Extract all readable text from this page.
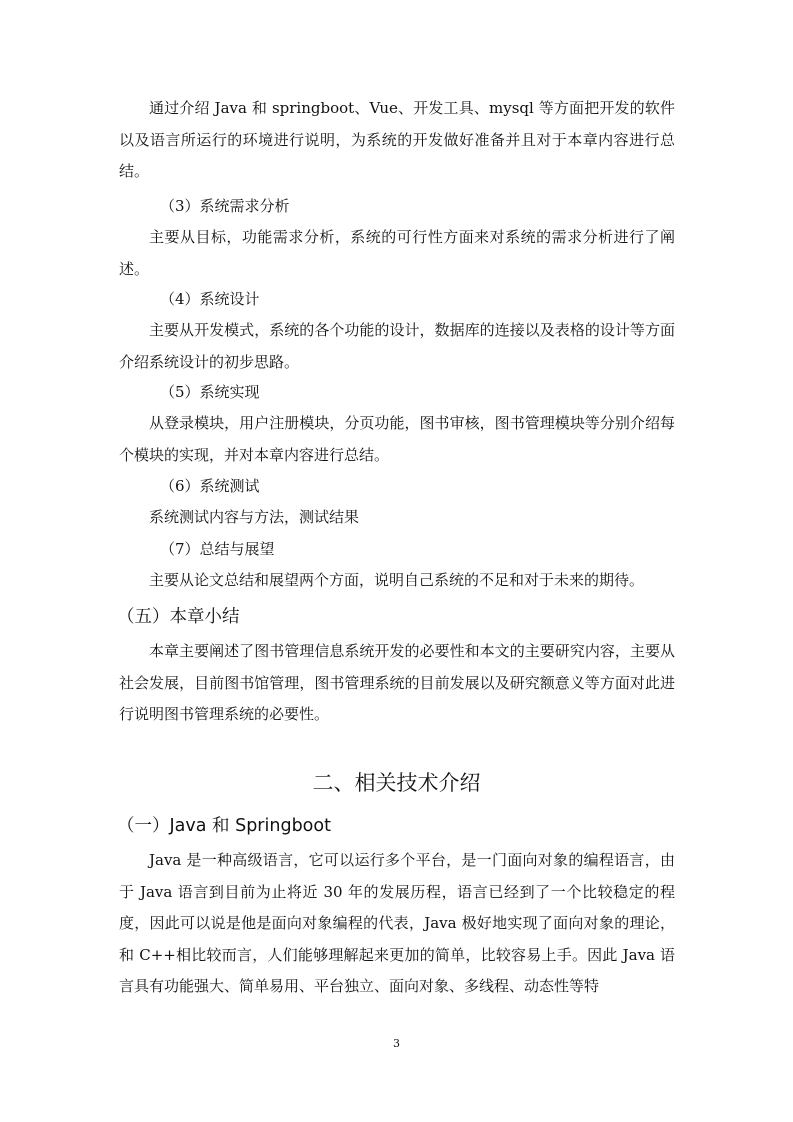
通过介绍 Java 和 springboot、Vue、开发工具、mysql 等方面把开发的软件以及语言所运行的环境进行说明，为系统的开发做好准备并且对于本章内容进行总结。

（3）系统需求分析

主要从目标，功能需求分析，系统的可行性方面来对系统的需求分析进行了阐述。

（4）系统设计

主要从开发模式，系统的各个功能的设计，数据库的连接以及表格的设计等方面介绍系统设计的初步思路。

（5）系统实现

从登录模块，用户注册模块，分页功能，图书审核，图书管理模块等分别介绍每个模块的实现，并对本章内容进行总结。

（6）系统测试

系统测试内容与方法，测试结果

（7）总结与展望

主要从论文总结和展望两个方面，说明自己系统的不足和对于未来的期待。

（五）本章小结

本章主要阐述了图书管理信息系统开发的必要性和本文的主要研究内容，主要从社会发展，目前图书馆管理，图书管理系统的目前发展以及研究额意义等方面对此进行说明图书管理系统的必要性。

二、相关技术介绍
（一）Java 和 Springboot

Java 是一种高级语言，它可以运行多个平台，是一门面向对象的编程语言，由于 Java 语言到目前为止将近 30 年的发展历程，语言已经到了一个比较稳定的程度，因此可以说是他是面向对象编程的代表，Java 极好地实现了面向对象的理论，和 C++相比较而言，人们能够理解起来更加的简单，比较容易上手。因此 Java 语言具有功能强大、简单易用、平台独立、面向对象、多线程、动态性等特

3
